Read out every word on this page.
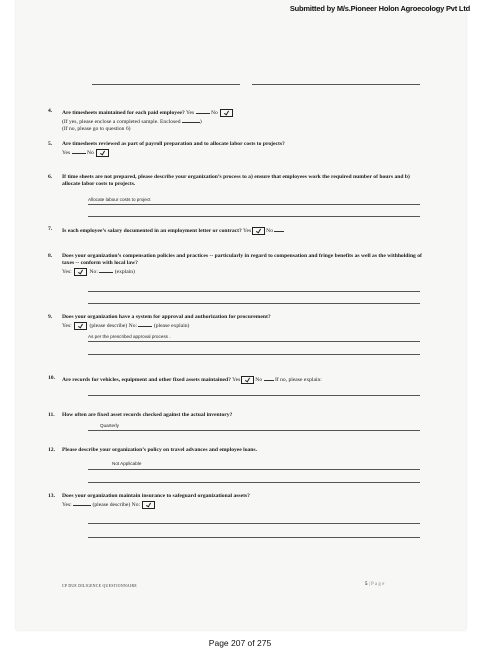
Submitted by M/s.Pioneer Holon Agroecology Pvt Ltd
4. Are timesheets maintained for each paid employee? Yes	No
(If yes, please enclose a completed sample. Enclosed	)
(If no, please go to question 6)
5. Are timesheets reviewed as part of payroll preparation and to allocate labor costs to projects?
Yes	No
6. If time sheets are not prepared, please describe your organization’s process to a) ensure that employees work the required number of hours and b) allocate labor costs to projects.
Allocate labour costs to project
7. Is each employee’s salary documented in an employment letter or contract? Yes	No
8. Does your organization’s compensation policies and practices -- particularly in regard to compensation and fringe benefits as well as the withholding of taxes -- conform with local law?
Yes:	No:	(explain)
9. Does your organization have a system for approval and authorization for procurement?
Yes:	(please describe) No:	(please explain)
As per the prescribed approval process .
10. Are records for vehicles, equipment and other fixed assets maintained? Yes	No If no, please explain:
11. How often are fixed asset records checked against the actual inventory?
Quarterly
12. Please describe your organization’s policy on travel advances and employee loans.
Not Applicable
13. Does your organization maintain insurance to safeguard organizational assets?
Yes:	(please describe) No:
CP DUE DILIGENCE QUESTIONNAIRE	5 | P a g e
Page 207 of 275
